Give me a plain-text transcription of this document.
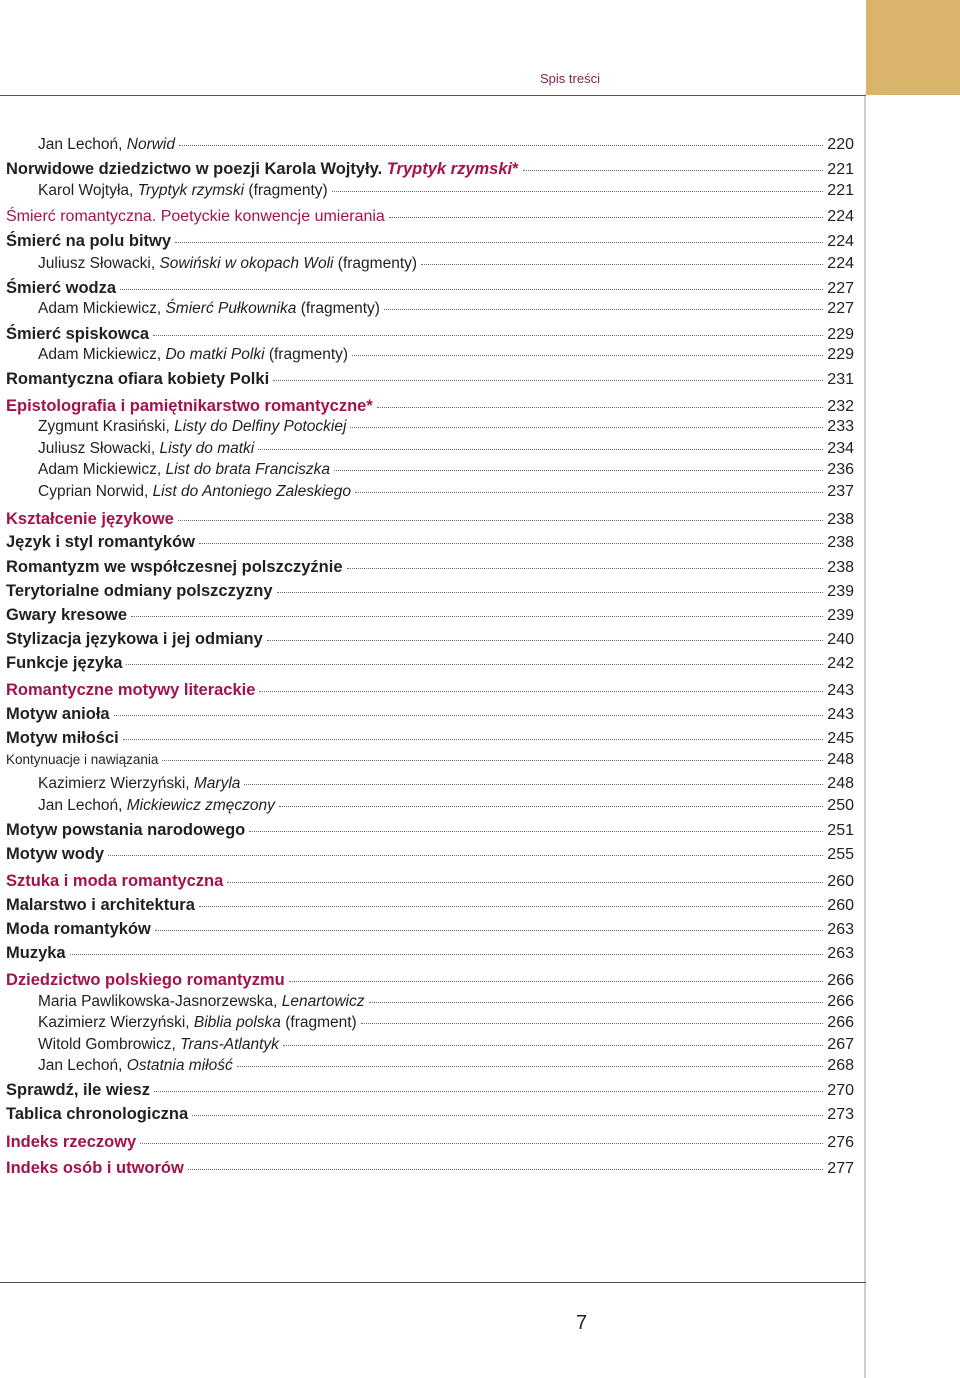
Spis treści
Jan Lechoń, Norwid	220
Norwidowe dziedzictwo w poezji Karola Wojtyły. Tryptyk rzymski*	221
Karol Wojtyła, Tryptyk rzymski (fragmenty)	221
Śmierć romantyczna. Poetyckie konwencje umierania	224
Śmierć na polu bitwy	224
Juliusz Słowacki, Sowiński w okopach Woli (fragmenty)	224
Śmierć wodza	227
Adam Mickiewicz, Śmierć Pułkownika (fragmenty)	227
Śmierć spiskowca	229
Adam Mickiewicz, Do matki Polki (fragmenty)	229
Romantyczna ofiara kobiety Polki	231
Epistolografia i pamiętnikarstwo romantyczne*	232
Zygmunt Krasiński, Listy do Delfiny Potockiej	233
Juliusz Słowacki, Listy do matki	234
Adam Mickiewicz, List do brata Franciszka	236
Cyprian Norwid, List do Antoniego Zaleskiego	237
Kształcenie językowe	238
Język i styl romantyków	238
Romantyzm we współczesnej polszczyźnie	238
Terytorialne odmiany polszczyzny	239
Gwary kresowe	239
Stylizacja językowa i jej odmiany	240
Funkcje języka	242
Romantyczne motywy literackie	243
Motyw anioła	243
Motyw miłości	245
Kontynuacje i nawiązania	248
Kazimierz Wierzyński, Maryla	248
Jan Lechoń, Mickiewicz zmęczony	250
Motyw powstania narodowego	251
Motyw wody	255
Sztuka i moda romantyczna	260
Malarstwo i architektura	260
Moda romantyków	263
Muzyka	263
Dziedzictwo polskiego romantyzmu	266
Maria Pawlikowska-Jasnorzewska, Lenartowicz	266
Kazimierz Wierzyński, Biblia polska (fragment)	266
Witold Gombrowicz, Trans-Atlantyk	267
Jan Lechoń, Ostatnia miłość	268
Sprawdź, ile wiesz	270
Tablica chronologiczna	273
Indeks rzeczowy	276
Indeks osób i utworów	277
7
